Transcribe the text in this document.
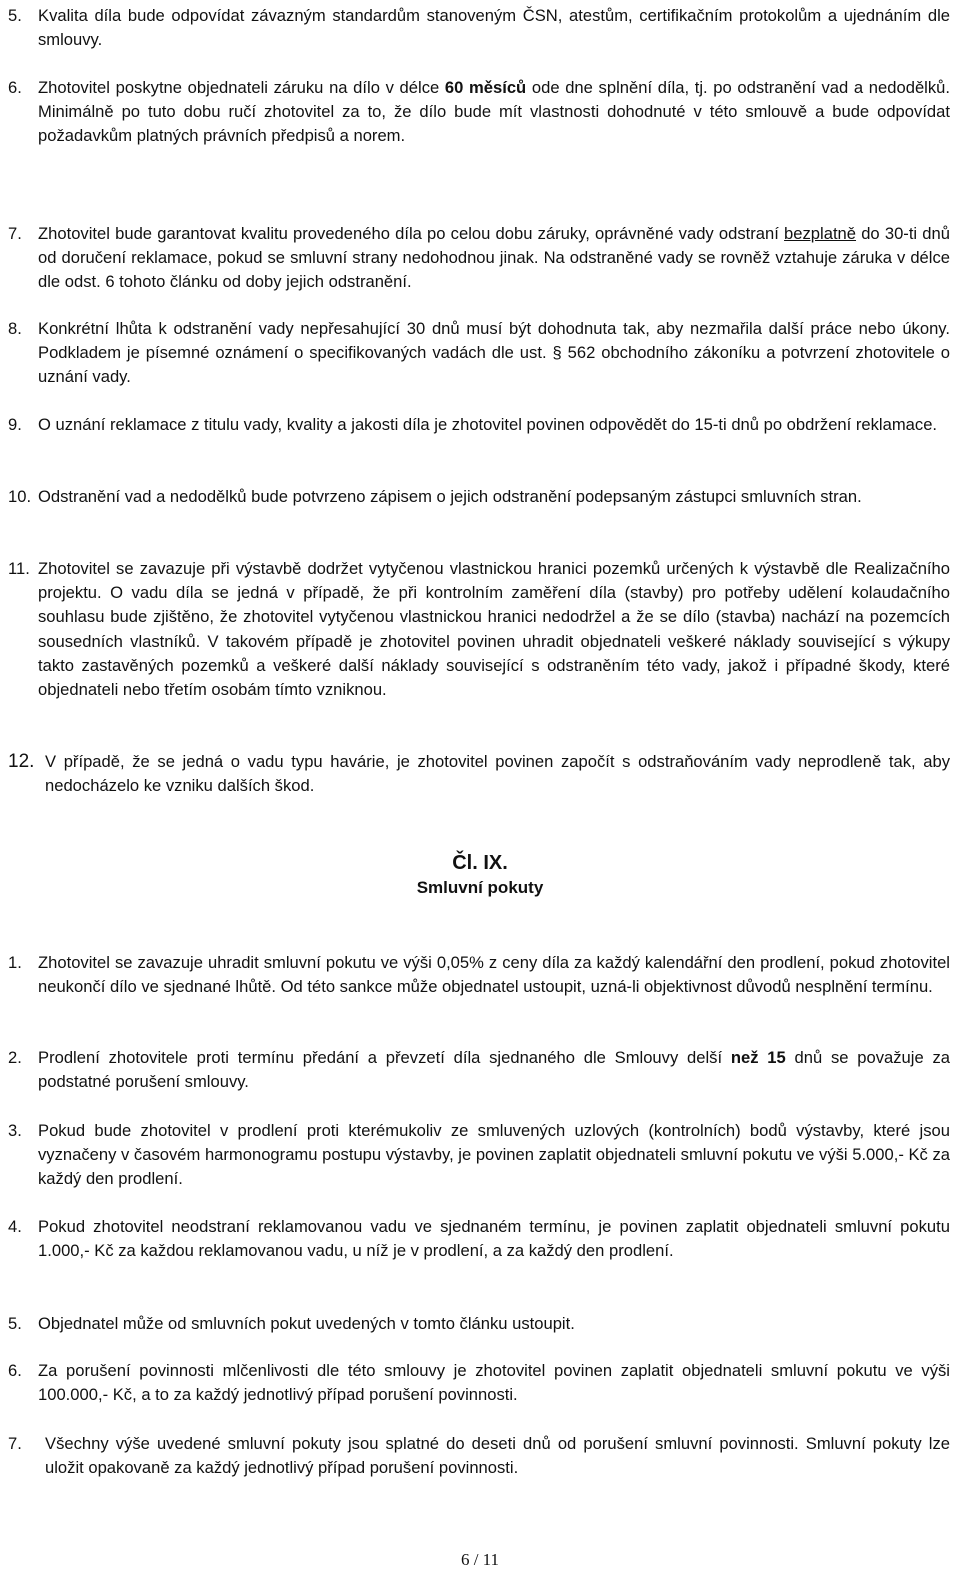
5. Kvalita díla bude odpovídat závazným standardům stanoveným ČSN, atestům, certifikačním protokolům a ujednáním dle smlouvy.
6. Zhotovitel poskytne objednateli záruku na dílo v délce 60 měsíců ode dne splnění díla, tj. po odstranění vad a nedodělků. Minimálně po tuto dobu ručí zhotovitel za to, že dílo bude mít vlastnosti dohodnuté v této smlouvě a bude odpovídat požadavkům platných právních předpisů a norem.
7. Zhotovitel bude garantovat kvalitu provedeného díla po celou dobu záruky, oprávněné vady odstraní bezplatně do 30-ti dnů od doručení reklamace, pokud se smluvní strany nedohodnou jinak. Na odstraněné vady se rovněž vztahuje záruka v délce dle odst. 6 tohoto článku od doby jejich odstranění.
8. Konkrétní lhůta k odstranění vady nepřesahující 30 dnů musí být dohodnuta tak, aby nezmařila další práce nebo úkony. Podkladem je písemné oznámení o specifikovaných vadách dle ust. § 562 obchodního zákoníku a potvrzení zhotovitele o uznání vady.
9. O uznání reklamace z titulu vady, kvality a jakosti díla je zhotovitel povinen odpovědět do 15-ti dnů po obdržení reklamace.
10. Odstranění vad a nedodělků bude potvrzeno zápisem o jejich odstranění podepsaným zástupci smluvních stran.
11. Zhotovitel se zavazuje při výstavbě dodržet vytyčenou vlastnickou hranici pozemků určených k výstavbě dle Realizačního projektu. O vadu díla se jedná v případě, že při kontrolním zaměření díla (stavby) pro potřeby udělení kolaudačního souhlasu bude zjištěno, že zhotovitel vytyčenou vlastnickou hranici nedodržel a že se dílo (stavba) nachází na pozemcích sousedních vlastníků. V takovém případě je zhotovitel povinen uhradit objednateli veškeré náklady související s výkupy takto zastavěných pozemků a veškeré další náklady související s odstraněním této vady, jakož i případné škody, které objednateli nebo třetím osobám tímto vzniknou.
12. V případě, že se jedná o vadu typu havárie, je zhotovitel povinen započít s odstraňováním vady neprodleně tak, aby nedocházelo ke vzniku dalších škod.
Čl. IX.
Smluvní pokuty
1. Zhotovitel se zavazuje uhradit smluvní pokutu ve výši 0,05% z ceny díla za každý kalendářní den prodlení, pokud zhotovitel neukončí dílo ve sjednané lhůtě. Od této sankce může objednatel ustoupit, uzná-li objektivnost důvodů nesplnění termínu.
2. Prodlení zhotovitele proti termínu předání a převzetí díla sjednaného dle Smlouvy delší než 15 dnů se považuje za podstatné porušení smlouvy.
3. Pokud bude zhotovitel v prodlení proti kterémukoliv ze smluvených uzlových (kontrolních) bodů výstavby, které jsou vyznačeny v časovém harmonogramu postupu výstavby, je povinen zaplatit objednateli smluvní pokutu ve výši 5.000,- Kč za každý den prodlení.
4. Pokud zhotovitel neodstraní reklamovanou vadu ve sjednaném termínu, je povinen zaplatit objednateli smluvní pokutu 1.000,- Kč za každou reklamovanou vadu, u níž je v prodlení, a za každý den prodlení.
5. Objednatel může od smluvních pokut uvedených v tomto článku ustoupit.
6. Za porušení povinnosti mlčenlivosti dle této smlouvy je zhotovitel povinen zaplatit objednateli smluvní pokutu ve výši 100.000,- Kč, a to za každý jednotlivý případ porušení povinnosti.
7. Všechny výše uvedené smluvní pokuty jsou splatné do deseti dnů od porušení smluvní povinnosti. Smluvní pokuty lze uložit opakovaně za každý jednotlivý případ porušení povinnosti.
6 / 11
